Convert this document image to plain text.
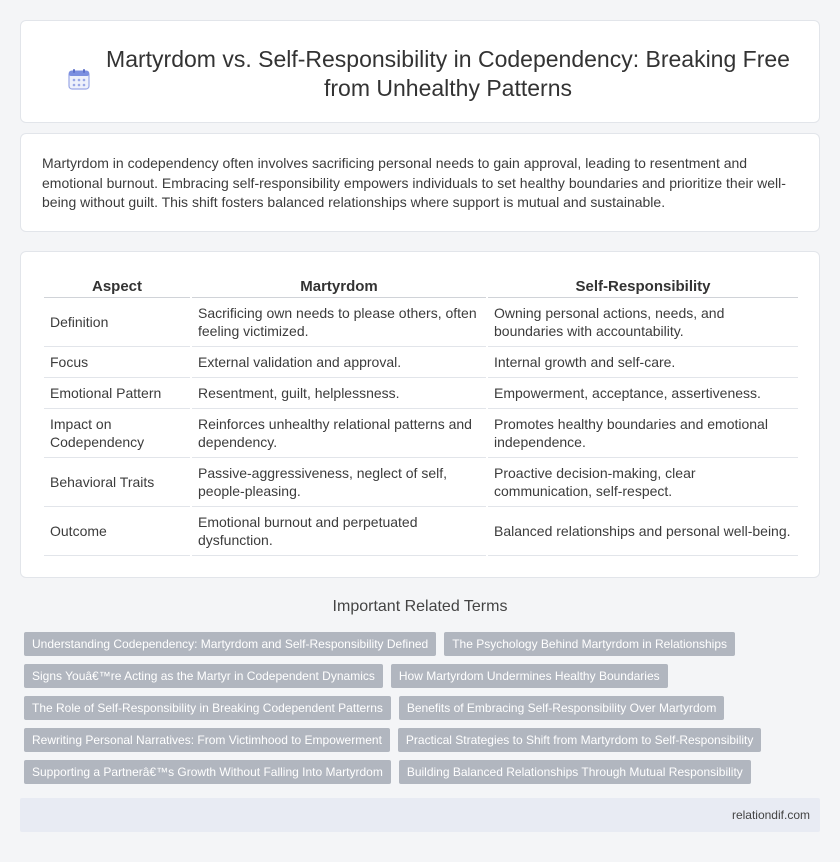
Martyrdom vs. Self-Responsibility in Codependency: Breaking Free from Unhealthy Patterns

Martyrdom in codependency often involves sacrificing personal needs to gain approval, leading to resentment and emotional burnout. Embracing self-responsibility empowers individuals to set healthy boundaries and prioritize their well-being without guilt. This shift fosters balanced relationships where support is mutual and sustainable.

Aspect	Martyrdom	Self-Responsibility
Definition	Sacrificing own needs to please others, often feeling victimized.	Owning personal actions, needs, and boundaries with accountability.
Focus	External validation and approval.	Internal growth and self-care.
Emotional Pattern	Resentment, guilt, helplessness.	Empowerment, acceptance, assertiveness.
Impact on Codependency	Reinforces unhealthy relational patterns and dependency.	Promotes healthy boundaries and emotional independence.
Behavioral Traits	Passive-aggressiveness, neglect of self, people-pleasing.	Proactive decision-making, clear communication, self-respect.
Outcome	Emotional burnout and perpetuated dysfunction.	Balanced relationships and personal well-being.
Important Related Terms
Understanding Codependency: Martyrdom and Self-Responsibility Defined	The Psychology Behind Martyrdom in Relationships
Signs Youâ€™re Acting as the Martyr in Codependent Dynamics	How Martyrdom Undermines Healthy Boundaries
The Role of Self-Responsibility in Breaking Codependent Patterns	Benefits of Embracing Self-Responsibility Over Martyrdom
Rewriting Personal Narratives: From Victimhood to Empowerment	Practical Strategies to Shift from Martyrdom to Self-Responsibility
Supporting a Partnerâ€™s Growth Without Falling Into Martyrdom	Building Balanced Relationships Through Mutual Responsibility
relationdif.com
